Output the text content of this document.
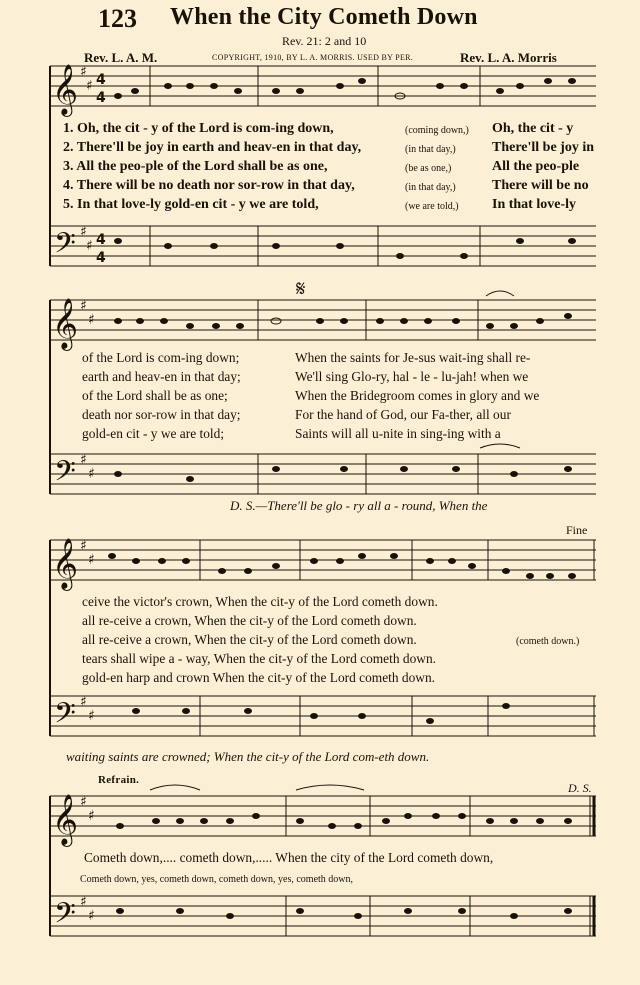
123 When the City Cometh Down
Rev. 21: 2 and 10
Rev. L. A. M.	COPYRIGHT, 1910, BY L. A. MORRIS. USED BY PER.	Rev. L. A. Morris
𝄞
𝄞
𝄞
𝄞
𝄢
𝄢
𝄢
𝄢
♯
♯
♯
♯
♯
♯
♯
♯
♯
♯
♯
♯
♯
♯
♯
♯
4
4
4
4
𝄋
1. Oh, the cit - y of the Lord is com-ing down,
2. There'll be joy in earth and heav-en in that day,
3. All the peo-ple of the Lord shall be as one,
4. There will be no death nor sor-row in that day,
5. In that love-ly gold-en cit - y we are told,
(coming down,)
(in that day,)
(be as one,)
(in that day,)
(we are told,)
Oh, the cit - y
There'll be joy in
All the peo-ple
There will be no
In that love-ly
of the Lord is com-ing down;
earth and heav-en in that day;
of the Lord shall be as one;
death nor sor-row in that day;
gold-en cit - y we are told;
When the saints for Je-sus wait-ing shall re-
We'll sing Glo-ry, hal - le - lu-jah! when we
When the Bridegroom comes in glory and we
For the hand of God, our Fa-ther, all our
Saints will all u-nite in sing-ing with a
D. S.—There'll be glo - ry all a - round, When the
Fine
ceive the victor's crown, When the cit-y of the Lord cometh down.
all re-ceive a crown, When the cit-y of the Lord cometh down.
all re-ceive a crown, When the cit-y of the Lord cometh down.
tears shall wipe a - way, When the cit-y of the Lord cometh down.
gold-en harp and crown When the cit-y of the Lord cometh down.
(cometh down.)
waiting saints are crowned; When the cit-y of the Lord com-eth down.
Refrain.
D. S.
Cometh down,.... cometh down,..... When the city of the Lord cometh down,
Cometh down, yes, cometh down, cometh down, yes, cometh down,
